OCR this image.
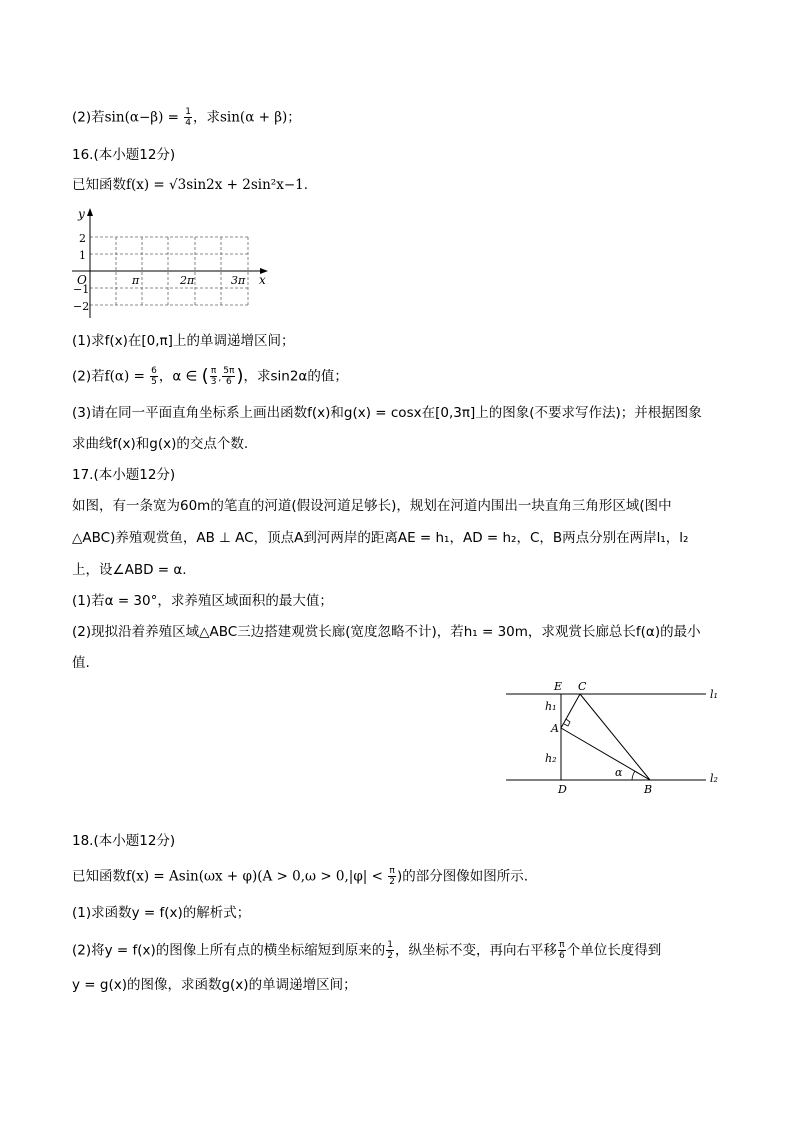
(2)若$\sin(\alpha-\beta) = \frac{1}{4}$ ，求sin(α + β)；
16.(本小题12分)
已知函数f(x) = √3sin2x + 2sin²x−1.
y
x
O
2
1
−1
−2
π	2π	3π
(1)求f(x)在[0,π]上的单调递增区间；
(2)若$f(\alpha) = \frac{6}{5}$ ，α ∈ ( $\frac{\pi}{3}$ , $\frac{5\pi}{6}$ )，求sin2α的值；
(3)请在同一平面直角坐标系上画出函数f(x)和g(x) = cosx在[0,3π]上的图象(不要求写作法)；并根据图象
求曲线f(x)和g(x)的交点个数.
17.(本小题12分)
如图，有一条宽为60m的笔直的河道(假设河道足够长)，规划在河道内围出一块直角三角形区域(图中
△ABC)养殖观赏鱼，AB ⊥ AC，顶点A到河两岸的距离AE = h₁，AD = h₂，C，B两点分别在两岸l₁，l₂
上，设∠ABD = α.
(1)若α = 30°，求养殖区域面积的最大值；
(2)现拟沿着养殖区域△ABC三边搭建观赏长廊(宽度忽略不计)，若h₁ = 30m，求观赏长廊总长f(α)的最小
值.
E C
A
D	B
h₁
h₂
α
l₁
l₂
18.(本小题12分)
已知函数$f(x) = Asin(\omega x + \varphi)(A > 0,\omega > 0,|\varphi| < \frac{\pi}{2}$ )的部分图像如图所示.
(1)求函数y = f(x)的解析式；
(2)将y = f(x)的图像上所有点的横坐标缩短到原来的 $\frac{1}{2}$ ，纵坐标不变，再向右平移 $\frac{\pi}{6}$ 个单位长度得到
y = g(x)的图像，求函数g(x)的单调递增区间；
